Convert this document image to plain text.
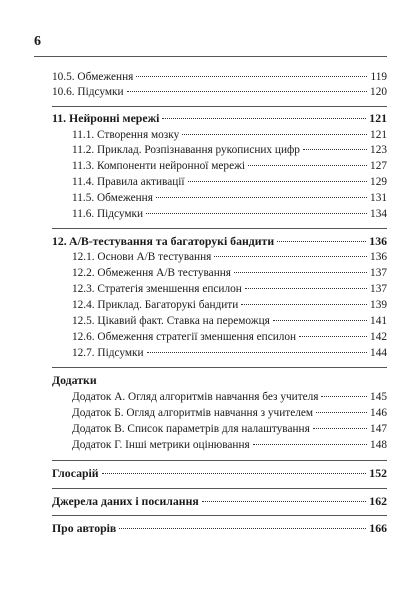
6
10.5. Обмеження	119
10.6. Підсумки	120
11. Нейронні мережі	121
11.1. Створення мозку	121
11.2. Приклад. Розпізнавання рукописних цифр	123
11.3. Компоненти нейронної мережі	127
11.4. Правила активації	129
11.5. Обмеження	131
11.6. Підсумки	134
12. A/B-тестування та багаторукі бандити	136
12.1. Основи A/B тестування	136
12.2. Обмеження A/B тестування	137
12.3. Стратегія зменшення епсилон	137
12.4. Приклад. Багаторукі бандити	139
12.5. Цікавий факт. Ставка на переможця	141
12.6. Обмеження стратегії зменшення епсилон	142
12.7. Підсумки	144
Додатки
Додаток А. Огляд алгоритмів навчання без учителя	145
Додаток Б. Огляд алгоритмів навчання з учителем	146
Додаток В. Список параметрів для налаштування	147
Додаток Г. Інші метрики оцінювання	148
Глосарій	152
Джерела даних і посилання	162
Про авторів	166
